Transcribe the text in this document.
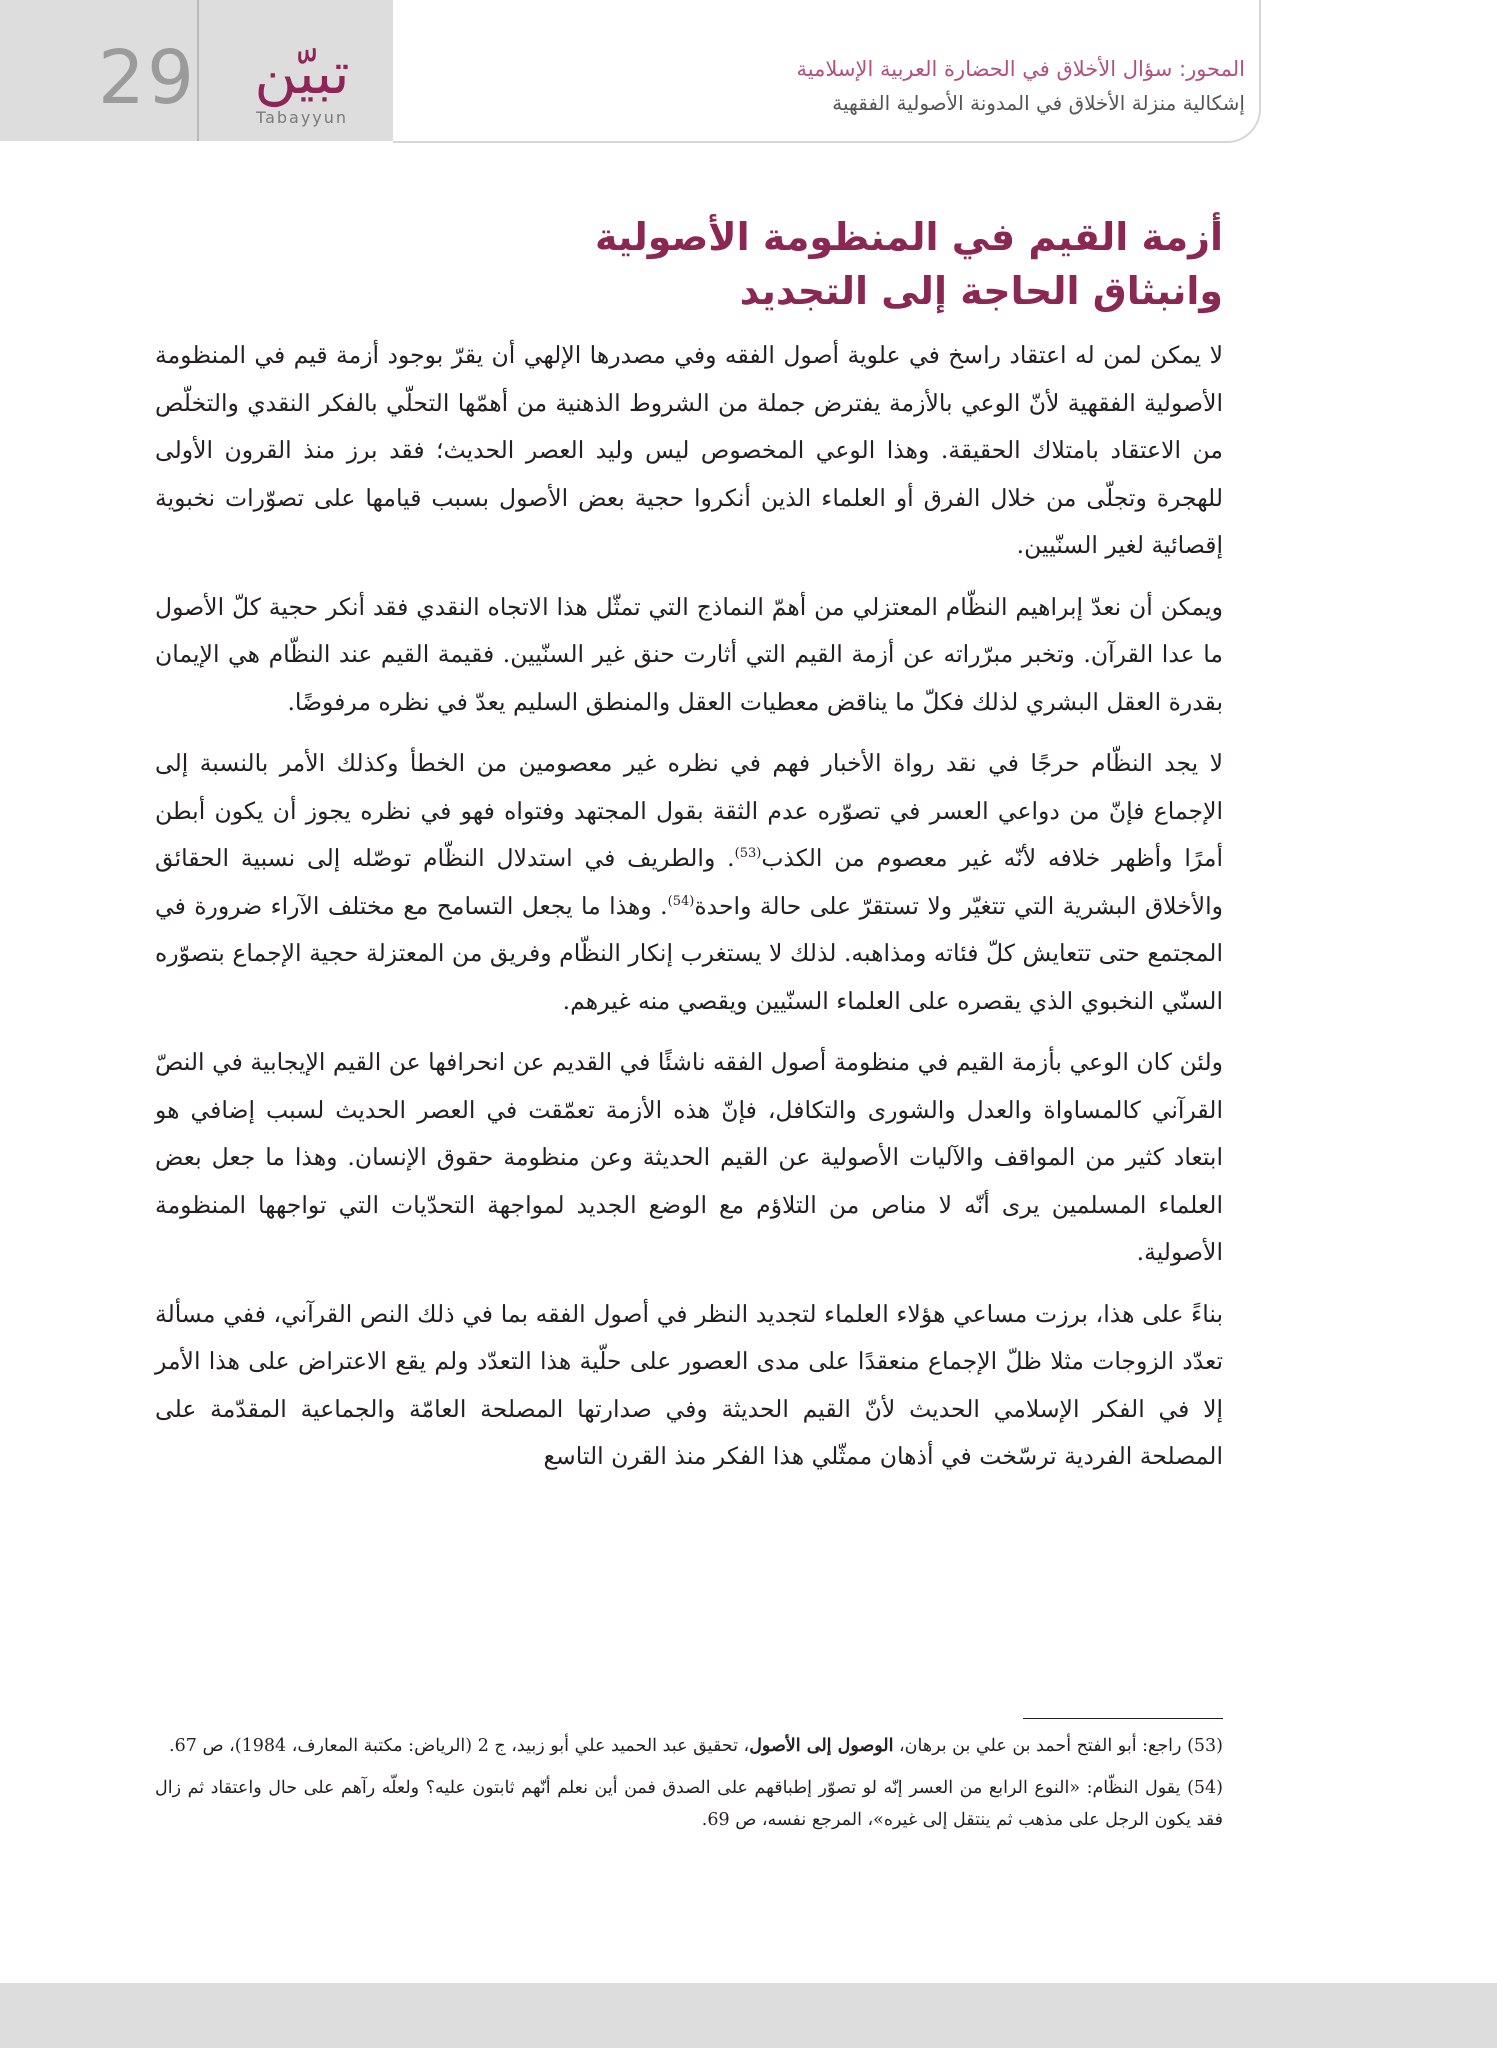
29	تبيّن
Tabayyun
المحور: سؤال الأخلاق في الحضارة العربية الإسلامية
إشكالية منزلة الأخلاق في المدونة الأصولية الفقهية
أزمة القيم في المنظومة الأصولية
وانبثاق الحاجة إلى التجديد

لا يمكن لمن له اعتقاد راسخ في علوية أصول الفقه وفي مصدرها الإلهي أن يقرّ بوجود أزمة قيم في المنظومة الأصولية الفقهية لأنّ الوعي بالأزمة يفترض جملة من الشروط الذهنية من أهمّها التحلّي بالفكر النقدي والتخلّص من الاعتقاد بامتلاك الحقيقة. وهذا الوعي المخصوص ليس وليد العصر الحديث؛ فقد برز منذ القرون الأولى للهجرة وتجلّى من خلال الفرق أو العلماء الذين أنكروا حجية بعض الأصول بسبب قيامها على تصوّرات نخبوية إقصائية لغير السنّيين.

ويمكن أن نعدّ إبراهيم النظّام المعتزلي من أهمّ النماذج التي تمثّل هذا الاتجاه النقدي فقد أنكر حجية كلّ الأصول ما عدا القرآن. وتخبر مبرّراته عن أزمة القيم التي أثارت حنق غير السنّيين. فقيمة القيم عند النظّام هي الإيمان بقدرة العقل البشري لذلك فكلّ ما يناقض معطيات العقل والمنطق السليم يعدّ في نظره مرفوضًا.

لا يجد النظّام حرجًا في نقد رواة الأخبار فهم في نظره غير معصومين من الخطأ وكذلك الأمر بالنسبة إلى الإجماع فإنّ من دواعي العسر في تصوّره عدم الثقة بقول المجتهد وفتواه فهو في نظره يجوز أن يكون أبطن أمرًا وأظهر خلافه لأنّه غير معصوم من الكذب$^{(53)}$. والطريف في استدلال النظّام توصّله إلى نسبية الحقائق والأخلاق البشرية التي تتغيّر ولا تستقرّ على حالة واحدة$^{(54)}$. وهذا ما يجعل التسامح مع مختلف الآراء ضرورة في المجتمع حتى تتعايش كلّ فئاته ومذاهبه. لذلك لا يستغرب إنكار النظّام وفريق من المعتزلة حجية الإجماع بتصوّره السنّي النخبوي الذي يقصره على العلماء السنّيين ويقصي منه غيرهم.

ولئن كان الوعي بأزمة القيم في منظومة أصول الفقه ناشئًا في القديم عن انحرافها عن القيم الإيجابية في النصّ القرآني كالمساواة والعدل والشورى والتكافل، فإنّ هذه الأزمة تعمّقت في العصر الحديث لسبب إضافي هو ابتعاد كثير من المواقف والآليات الأصولية عن القيم الحديثة وعن منظومة حقوق الإنسان. وهذا ما جعل بعض العلماء المسلمين يرى أنّه لا مناص من التلاؤم مع الوضع الجديد لمواجهة التحدّيات التي تواجهها المنظومة الأصولية.

بناءً على هذا، برزت مساعي هؤلاء العلماء لتجديد النظر في أصول الفقه بما في ذلك النص القرآني، ففي مسألة تعدّد الزوجات مثلا ظلّ الإجماع منعقدًا على مدى العصور على حلّية هذا التعدّد ولم يقع الاعتراض على هذا الأمر إلا في الفكر الإسلامي الحديث لأنّ القيم الحديثة وفي صدارتها المصلحة العامّة والجماعية المقدّمة على المصلحة الفردية ترسّخت في أذهان ممثّلي هذا الفكر منذ القرن التاسع

(53) راجع: أبو الفتح أحمد بن علي بن برهان، الوصول إلى الأصول، تحقيق عبد الحميد علي أبو زبيد، ج 2 (الرياض: مكتبة المعارف، 1984)، ص 67.

(54) يقول النظّام: «النوع الرابع من العسر إنّه لو تصوّر إطباقهم على الصدق فمن أين نعلم أنّهم ثابتون عليه؟ ولعلّه رآهم على حال واعتقاد ثم زال فقد يكون الرجل على مذهب ثم ينتقل إلى غيره»، المرجع نفسه، ص 69.
